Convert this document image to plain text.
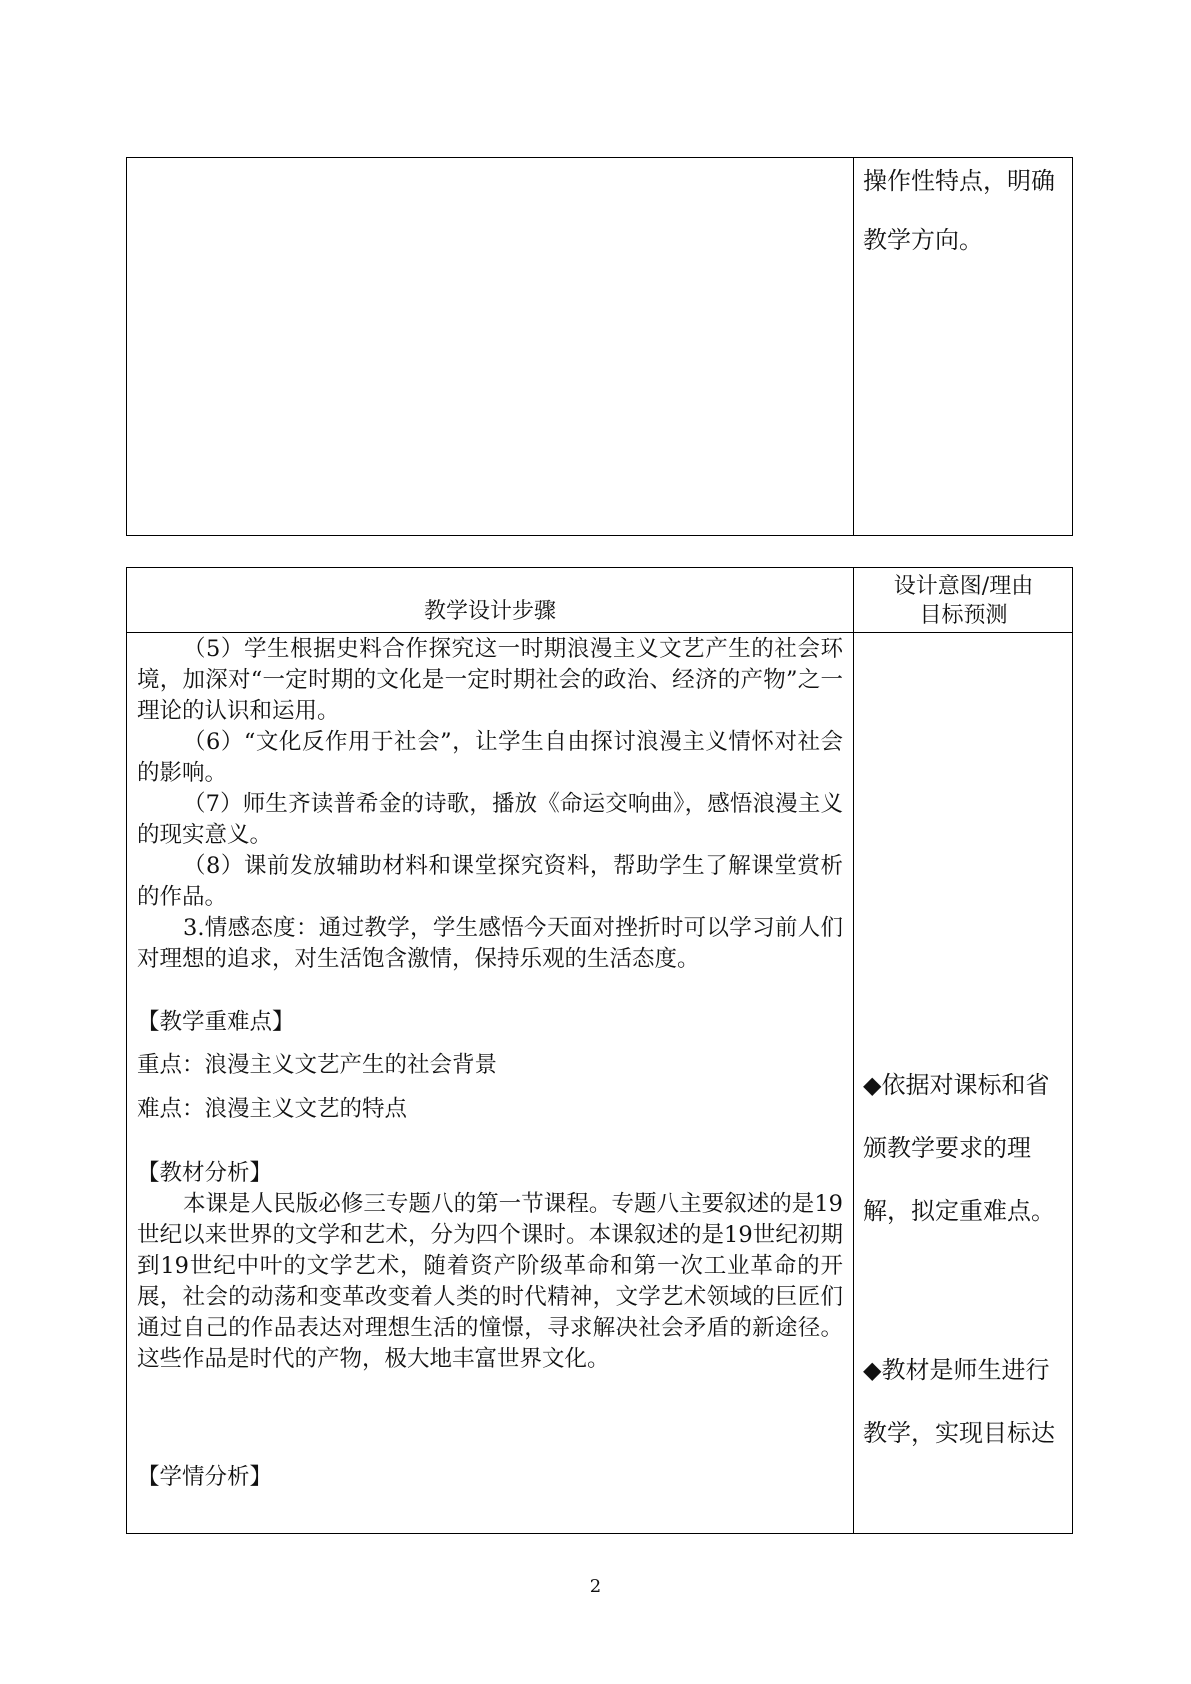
操作性特点，明确
教学方向。
教学设计步骤
设计意图/理由
目标预测
（5）学生根据史料合作探究这一时期浪漫主义文艺产生的社会环境，加深对“一定时期的文化是一定时期社会的政治、经济的产物”之一理论的认识和运用。
（6）“文化反作用于社会”，让学生自由探讨浪漫主义情怀对社会的影响。
（7）师生齐读普希金的诗歌，播放《命运交响曲》，感悟浪漫主义的现实意义。
（8）课前发放辅助材料和课堂探究资料，帮助学生了解课堂赏析的作品。
3.情感态度：通过教学，学生感悟今天面对挫折时可以学习前人们对理想的追求，对生活饱含激情，保持乐观的生活态度。
【教学重难点】
重点：浪漫主义文艺产生的社会背景
难点：浪漫主义文艺的特点
【教材分析】
本课是人民版必修三专题八的第一节课程。专题八主要叙述的是19世纪以来世界的文学和艺术，分为四个课时。本课叙述的是19世纪初期到19世纪中叶的文学艺术，随着资产阶级革命和第一次工业革命的开展，社会的动荡和变革改变着人类的时代精神，文学艺术领域的巨匠们通过自己的作品表达对理想生活的憧憬，寻求解决社会矛盾的新途径。这些作品是时代的产物，极大地丰富世界文化。
【学情分析】
◆依据对课标和省
颁教学要求的理
解，拟定重难点。
◆教材是师生进行
教学，实现目标达
2
